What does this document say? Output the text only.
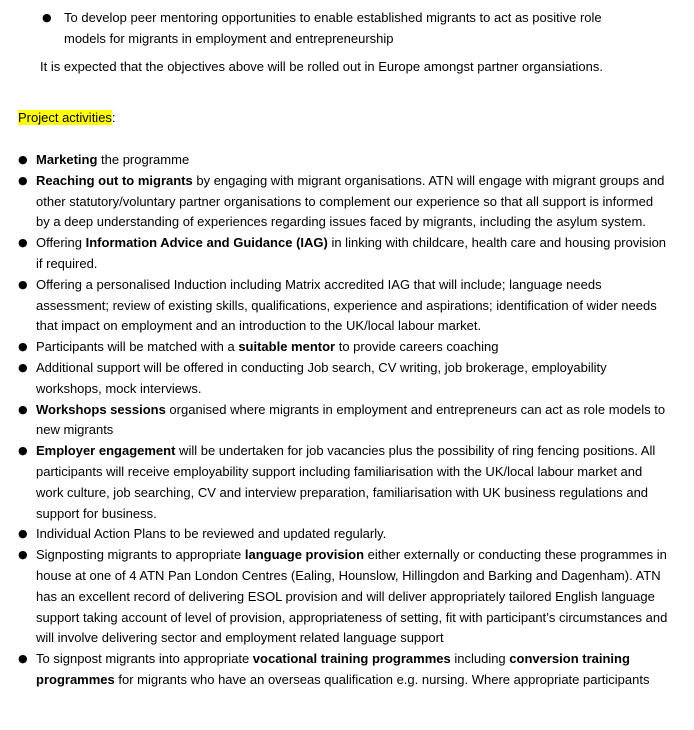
● To develop peer mentoring opportunities to enable established migrants to act as positive role models for migrants in employment and entrepreneurship
It is expected that the objectives above will be rolled out in Europe amongst partner organsiations.
Project activities:
● Marketing the programme
● Reaching out to migrants by engaging with migrant organisations. ATN will engage with migrant groups and other statutory/voluntary partner organisations to complement our experience so that all support is informed by a deep understanding of experiences regarding issues faced by migrants, including the asylum system.
● Offering Information Advice and Guidance (IAG) in linking with childcare, health care and housing provision if required.
● Offering a personalised Induction including Matrix accredited IAG that will include; language needs assessment; review of existing skills, qualifications, experience and aspirations; identification of wider needs that impact on employment and an introduction to the UK/local labour market.
● Participants will be matched with a suitable mentor to provide careers coaching
● Additional support will be offered in conducting Job search, CV writing, job brokerage, employability workshops, mock interviews.
● Workshops sessions organised where migrants in employment and entrepreneurs can act as role models to new migrants
● Employer engagement will be undertaken for job vacancies plus the possibility of ring fencing positions. All participants will receive employability support including familiarisation with the UK/local labour market and work culture, job searching, CV and interview preparation, familiarisation with UK business regulations and support for business.
● Individual Action Plans to be reviewed and updated regularly.
● Signposting migrants to appropriate language provision either externally or conducting these programmes in house at one of 4 ATN Pan London Centres (Ealing, Hounslow, Hillingdon and Barking and Dagenham). ATN has an excellent record of delivering ESOL provision and will deliver appropriately tailored English language support taking account of level of provision, appropriateness of setting, fit with participant’s circumstances and will involve delivering sector and employment related language support
● To signpost migrants into appropriate vocational training programmes including conversion training programmes for migrants who have an overseas qualification e.g. nursing. Where appropriate participants
